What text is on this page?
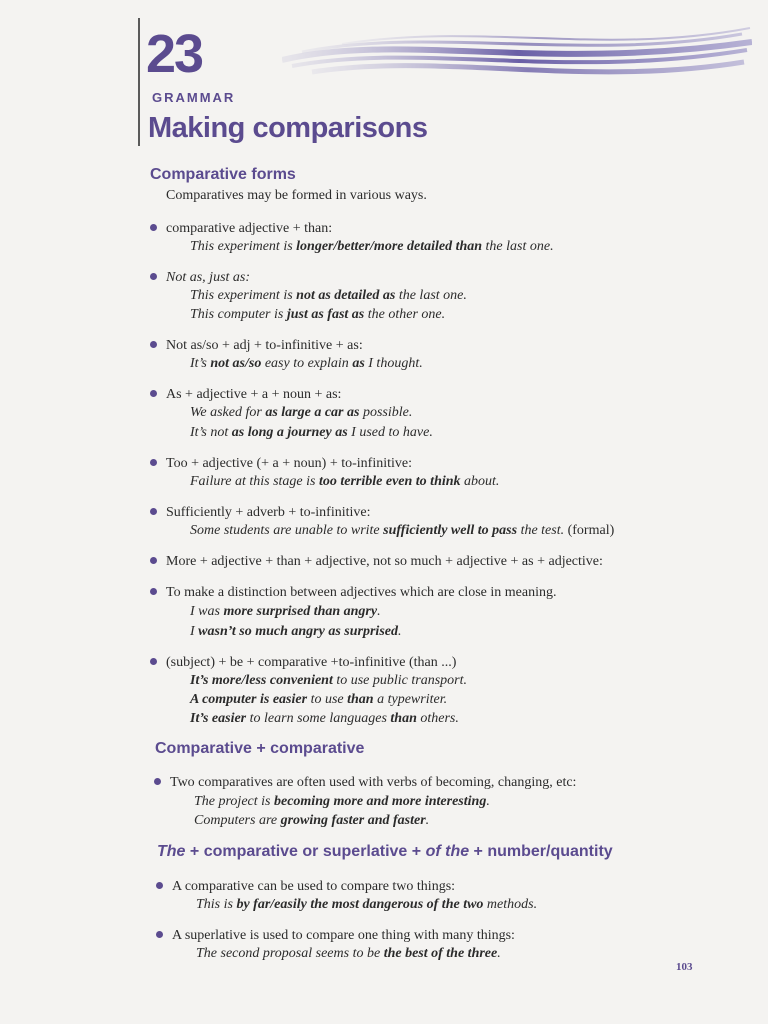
23
GRAMMAR
Making comparisons
Comparative forms
Comparatives may be formed in various ways.
comparative adjective + than:
This experiment is longer/better/more detailed than the last one.
Not as, just as:
This experiment is not as detailed as the last one.
This computer is just as fast as the other one.
Not as/so + adj + to-infinitive + as:
It’s not as/so easy to explain as I thought.
As + adjective + a + noun + as:
We asked for as large a car as possible.
It’s not as long a journey as I used to have.
Too + adjective (+ a + noun) + to-infinitive:
Failure at this stage is too terrible even to think about.
Sufficiently + adverb + to-infinitive:
Some students are unable to write sufficiently well to pass the test. (formal)
More + adjective + than + adjective, not so much + adjective + as + adjective:
To make a distinction between adjectives which are close in meaning.
I was more surprised than angry.
I wasn’t so much angry as surprised.
(subject) + be + comparative +to-infinitive (than ...)
It’s more/less convenient to use public transport.
A computer is easier to use than a typewriter.
It’s easier to learn some languages than others.
Comparative + comparative
Two comparatives are often used with verbs of becoming, changing, etc:
The project is becoming more and more interesting.
Computers are growing faster and faster.
The + comparative or superlative + of the + number/quantity
A comparative can be used to compare two things:
This is by far/easily the most dangerous of the two methods.
A superlative is used to compare one thing with many things:
The second proposal seems to be the best of the three.
103
